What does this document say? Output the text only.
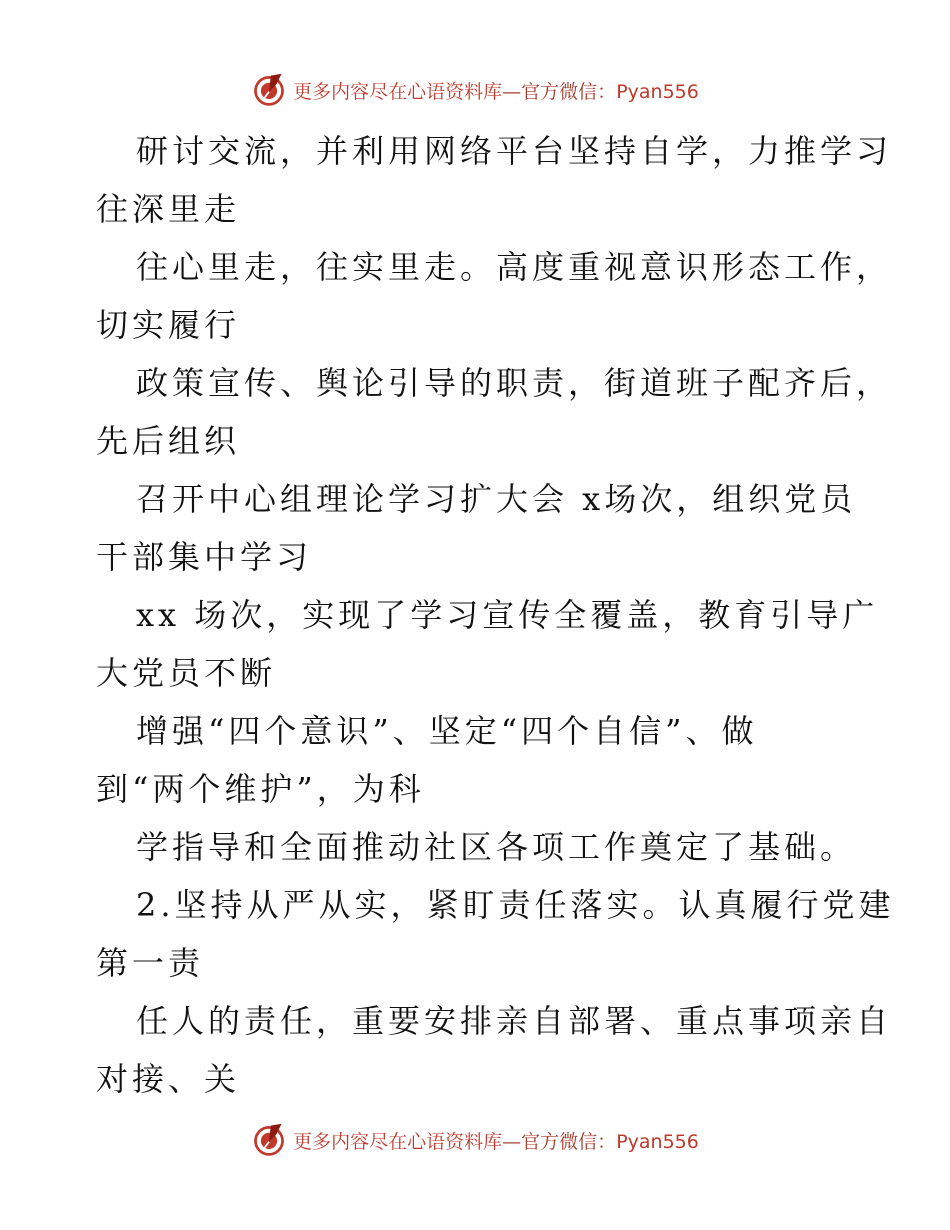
更多内容尽在心语资料库—官方微信：Pyan556
研讨交流，并利用网络平台坚持自学，力推学习
往深里走
往心里走，往实里走。高度重视意识形态工作，
切实履行
政策宣传、舆论引导的职责，街道班子配齐后，
先后组织
召开中心组理论学习扩大会 x场次，组织党员
干部集中学习
xx 场次，实现了学习宣传全覆盖，教育引导广
大党员不断
增强“四个意识”、坚定“四个自信”、做
到“两个维护”，为科
学指导和全面推动社区各项工作奠定了基础。
2.坚持从严从实，紧盯责任落实。认真履行党建
第一责
任人的责任，重要安排亲自部署、重点事项亲自
对接、关
更多内容尽在心语资料库—官方微信：Pyan556
